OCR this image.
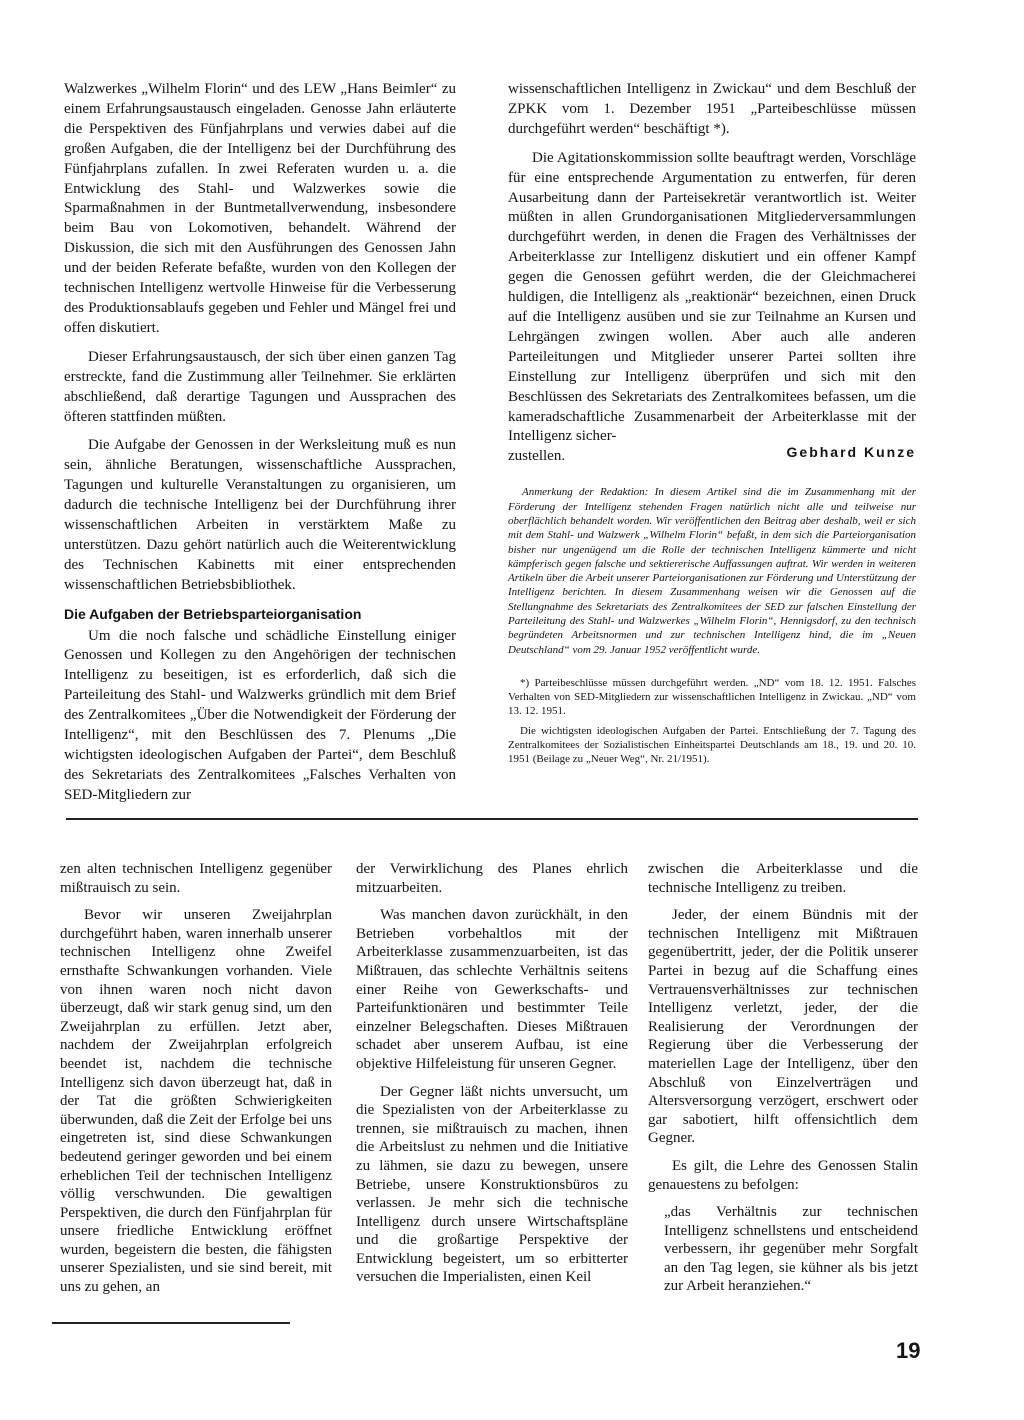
Walzwerkes „Wilhelm Florin“ und des LEW „Hans Beimler“ zu einem Erfahrungsaustausch eingeladen. Genosse Jahn erläuterte die Perspektiven des Fünfjahrplans und verwies dabei auf die großen Aufgaben, die der Intelligenz bei der Durchführung des Fünfjahrplans zufallen. In zwei Referaten wurden u. a. die Entwicklung des Stahl- und Walzwerkes sowie die Sparmaßnahmen in der Buntmetallverwendung, insbesondere beim Bau von Lokomotiven, behandelt. Während der Diskussion, die sich mit den Ausführungen des Genossen Jahn und der beiden Referate befaßte, wurden von den Kollegen der technischen Intelligenz wertvolle Hinweise für die Verbesserung des Produktionsablaufs gegeben und Fehler und Mängel frei und offen diskutiert.

Dieser Erfahrungsaustausch, der sich über einen ganzen Tag erstreckte, fand die Zustimmung aller Teilnehmer. Sie erklärten abschließend, daß derartige Tagungen und Aussprachen des öfteren stattfinden müßten.

Die Aufgabe der Genossen in der Werksleitung muß es nun sein, ähnliche Beratungen, wissenschaftliche Aussprachen, Tagungen und kulturelle Veranstaltungen zu organisieren, um dadurch die technische Intelligenz bei der Durchführung ihrer wissenschaftlichen Arbeiten in verstärktem Maße zu unterstützen. Dazu gehört natürlich auch die Weiterentwicklung des Technischen Kabinetts mit einer entsprechenden wissenschaftlichen Betriebsbibliothek.

Die Aufgaben der Betriebsparteiorganisation

Um die noch falsche und schädliche Einstellung einiger Genossen und Kollegen zu den Angehörigen der technischen Intelligenz zu beseitigen, ist es erforderlich, daß sich die Parteileitung des Stahl- und Walzwerks gründlich mit dem Brief des Zentralkomitees „Über die Notwendigkeit der Förderung der Intelligenz“, mit den Beschlüssen des 7. Plenums „Die wichtigsten ideologischen Aufgaben der Partei“, dem Beschluß des Sekretariats des Zentralkomitees „Falsches Verhalten von SED-Mitgliedern zur

wissenschaftlichen Intelligenz in Zwickau“ und dem Beschluß der ZPKK vom 1. Dezember 1951 „Parteibeschlüsse müssen durchgeführt werden“ beschäftigt *).

Die Agitationskommission sollte beauftragt werden, Vorschläge für eine entsprechende Argumentation zu entwerfen, für deren Ausarbeitung dann der Parteisekretär verantwortlich ist. Weiter müßten in allen Grundorganisationen Mitgliederversammlungen durchgeführt werden, in denen die Fragen des Verhältnisses der Arbeiterklasse zur Intelligenz diskutiert und ein offener Kampf gegen die Genossen geführt werden, die der Gleichmacherei huldigen, die Intelligenz als „reaktionär“ bezeichnen, einen Druck auf die Intelligenz ausüben und sie zur Teilnahme an Kursen und Lehrgängen zwingen wollen. Aber auch alle anderen Parteileitungen und Mitglieder unserer Partei sollten ihre Einstellung zur Intelligenz überprüfen und sich mit den Beschlüssen des Sekretariats des Zentralkomitees befassen, um die kameradschaftliche Zusammenarbeit der Arbeiterklasse mit der Intelligenz sicher-

zustellen.	Gebhard Kunze

Anmerkung der Redaktion: In diesem Artikel sind die im Zusammenhang mit der Förderung der Intelligenz stehenden Fragen natürlich nicht alle und teilweise nur oberflächlich behandelt worden. Wir veröffentlichen den Beitrag aber deshalb, weil er sich mit dem Stahl- und Walzwerk „Wilhelm Florin“ befaßt, in dem sich die Parteiorganisation bisher nur ungenügend um die Rolle der technischen Intelligenz kümmerte und nicht kämpferisch gegen falsche und sektiererische Auffassungen auftrat. Wir werden in weiteren Artikeln über die Arbeit unserer Parteiorganisationen zur Förderung und Unterstützung der Intelligenz berichten. In diesem Zusammenhang weisen wir die Genossen auf die Stellungnahme des Sekretariats des Zentralkomitees der SED zur falschen Einstellung der Parteileitung des Stahl- und Walzwerkes „Wilhelm Florin“, Hennigsdorf, zu den technisch begründeten Arbeitsnormen und zur technischen Intelligenz hind, die im „Neuen Deutschland“ vom 29. Januar 1952 veröffentlicht wurde.

*) Parteibeschlüsse müssen durchgeführt werden. „ND“ vom 18. 12. 1951. Falsches Verhalten von SED-Mitgliedern zur wissenschaftlichen Intelligenz in Zwickau. „ND“ vom 13. 12. 1951.

Die wichtigsten ideologischen Aufgaben der Partei. Entschließung der 7. Tagung des Zentralkomitees der Sozialistischen Einheitspartei Deutschlands am 18., 19. und 20. 10. 1951 (Beilage zu „Neuer Weg“, Nr. 21/1951).

zen alten technischen Intelligenz gegenüber mißtrauisch zu sein.

Bevor wir unseren Zweijahrplan durchgeführt haben, waren innerhalb unserer technischen Intelligenz ohne Zweifel ernsthafte Schwankungen vorhanden. Viele von ihnen waren noch nicht davon überzeugt, daß wir stark genug sind, um den Zweijahrplan zu erfüllen. Jetzt aber, nachdem der Zweijahrplan erfolgreich beendet ist, nachdem die technische Intelligenz sich davon überzeugt hat, daß in der Tat die größten Schwierigkeiten überwunden, daß die Zeit der Erfolge bei uns eingetreten ist, sind diese Schwankungen bedeutend geringer geworden und bei einem erheblichen Teil der technischen Intelligenz völlig verschwunden. Die gewaltigen Perspektiven, die durch den Fünfjahrplan für unsere friedliche Entwicklung eröffnet wurden, begeistern die besten, die fähigsten unserer Spezialisten, und sie sind bereit, mit uns zu gehen, an

der Verwirklichung des Planes ehrlich mitzuarbeiten.

Was manchen davon zurückhält, in den Betrieben vorbehaltlos mit der Arbeiterklasse zusammenzuarbeiten, ist das Mißtrauen, das schlechte Verhältnis seitens einer Reihe von Gewerkschafts- und Parteifunktionären und bestimmter Teile einzelner Belegschaften. Dieses Mißtrauen schadet aber unserem Aufbau, ist eine objektive Hilfeleistung für unseren Gegner.

Der Gegner läßt nichts unversucht, um die Spezialisten von der Arbeiterklasse zu trennen, sie mißtrauisch zu machen, ihnen die Arbeitslust zu nehmen und die Initiative zu lähmen, sie dazu zu bewegen, unsere Betriebe, unsere Konstruktionsbüros zu verlassen. Je mehr sich die technische Intelligenz durch unsere Wirtschaftspläne und die großartige Perspektive der Entwicklung begeistert, um so erbitterter versuchen die Imperialisten, einen Keil

zwischen die Arbeiterklasse und die technische Intelligenz zu treiben.

Jeder, der einem Bündnis mit der technischen Intelligenz mit Mißtrauen gegenübertritt, jeder, der die Politik unserer Partei in bezug auf die Schaffung eines Vertrauensverhältnisses zur technischen Intelligenz verletzt, jeder, der die Realisierung der Verordnungen der Regierung über die Verbesserung der materiellen Lage der Intelligenz, über den Abschluß von Einzelverträgen und Altersversorgung verzögert, erschwert oder gar sabotiert, hilft offensichtlich dem Gegner.

Es gilt, die Lehre des Genossen Stalin genauestens zu befolgen:

„das Verhältnis zur technischen Intelligenz schnellstens und entscheidend verbessern, ihr gegenüber mehr Sorgfalt an den Tag legen, sie kühner als bis jetzt zur Arbeit heranziehen.“

19
